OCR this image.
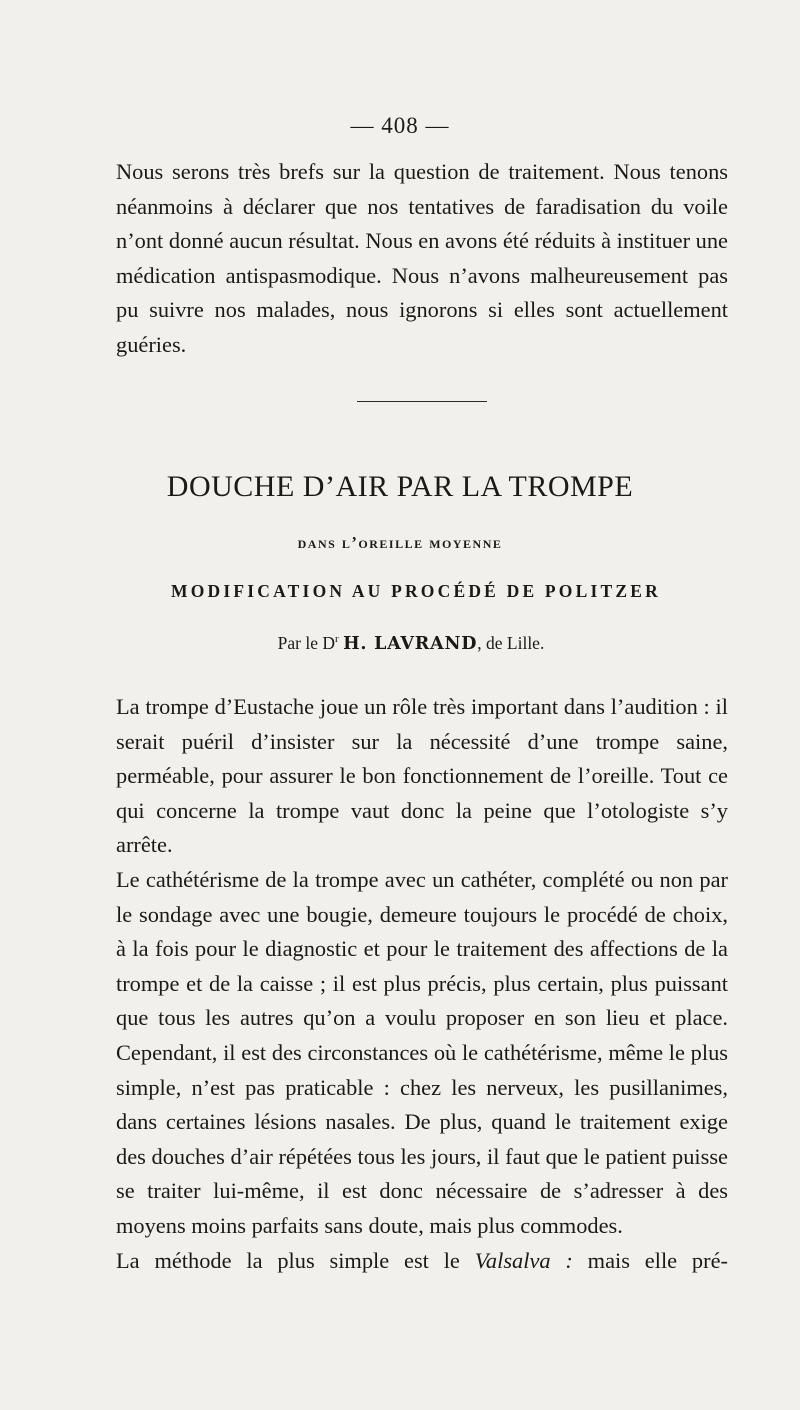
— 408 —

Nous serons très brefs sur la question de traitement. Nous tenons néanmoins à déclarer que nos tentatives de faradisation du voile n’ont donné aucun résultat. Nous en avons été réduits à instituer une médication antispasmodique. Nous n’avons malheureusement pas pu suivre nos malades, nous ignorons si elles sont actuellement guéries.

DOUCHE D’AIR PAR LA TROMPE
dans l’oreille moyenne
MODIFICATION AU PROCÉDÉ DE POLITZER
Par le $D^r$ H. LAVRAND, de Lille.

La trompe d’Eustache joue un rôle très important dans l’audition : il serait puéril d’insister sur la nécessité d’une trompe saine, perméable, pour assurer le bon fonctionnement de l’oreille. Tout ce qui concerne la trompe vaut donc la peine que l’otologiste s’y arrête.

Le cathétérisme de la trompe avec un cathéter, complété ou non par le sondage avec une bougie, demeure toujours le procédé de choix, à la fois pour le diagnostic et pour le traitement des affections de la trompe et de la caisse ; il est plus précis, plus certain, plus puissant que tous les autres qu’on a voulu proposer en son lieu et place. Cependant, il est des circonstances où le cathétérisme, même le plus simple, n’est pas praticable : chez les nerveux, les pusillanimes, dans certaines lésions nasales. De plus, quand le traitement exige des douches d’air répétées tous les jours, il faut que le patient puisse se traiter lui-même, il est donc nécessaire de s’adresser à des moyens moins parfaits sans doute, mais plus commodes.

La méthode la plus simple est le Valsalva : mais elle pré-
